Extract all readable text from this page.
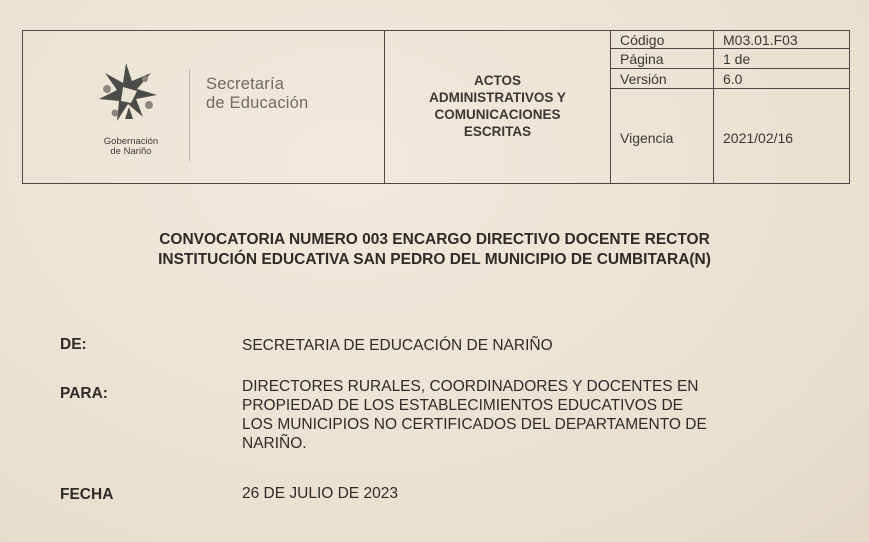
Gobernación
de Nariño
Secretaría
de Educación
ACTOS
ADMINISTRATIVOS Y
COMUNICACIONES
ESCRITAS
Código	M03.01.F03
Página	1 de
Versión	6.0
Vigencia	2021/02/16
CONVOCATORIA NUMERO 003 ENCARGO DIRECTIVO DOCENTE RECTOR
INSTITUCIÓN EDUCATIVA SAN PEDRO DEL MUNICIPIO DE CUMBITARA(N)
DE:	SECRETARIA DE EDUCACIÓN DE NARIÑO
PARA:	DIRECTORES RURALES, COORDINADORES Y DOCENTES EN
PROPIEDAD DE LOS ESTABLECIMIENTOS EDUCATIVOS DE
LOS MUNICIPIOS NO CERTIFICADOS DEL DEPARTAMENTO DE
NARIÑO.
FECHA	26 DE JULIO DE 2023
